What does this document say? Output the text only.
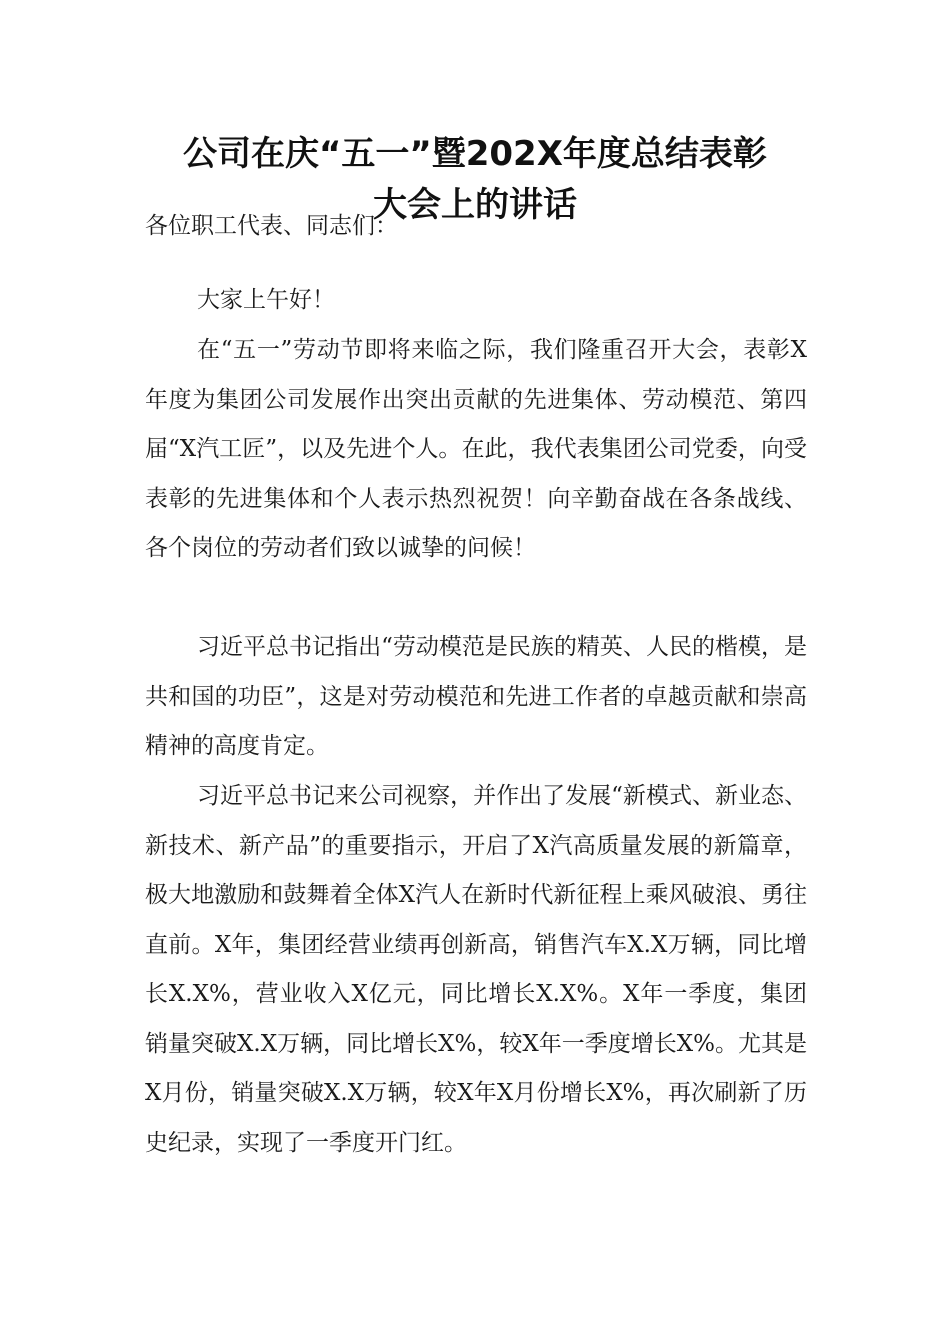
公司在庆“五一”暨202X年度总结表彰
大会上的讲话

各位职工代表、同志们：

大家上午好！

在“五一”劳动节即将来临之际，我们隆重召开大会，表彰X年度为集团公司发展作出突出贡献的先进集体、劳动模范、第四届“X汽工匠”，以及先进个人。在此，我代表集团公司党委，向受表彰的先进集体和个人表示热烈祝贺！向辛勤奋战在各条战线、各个岗位的劳动者们致以诚挚的问候！

习近平总书记指出“劳动模范是民族的精英、人民的楷模，是共和国的功臣”，这是对劳动模范和先进工作者的卓越贡献和崇高精神的高度肯定。

习近平总书记来公司视察，并作出了发展“新模式、新业态、新技术、新产品”的重要指示，开启了X汽高质量发展的新篇章，极大地激励和鼓舞着全体X汽人在新时代新征程上乘风破浪、勇往直前。X年，集团经营业绩再创新高，销售汽车X.X万辆，同比增长X.X%，营业收入X亿元，同比增长X.X%。X年一季度，集团销量突破X.X万辆，同比增长X%，较X年一季度增长X%。尤其是X月份，销量突破X.X万辆，较X年X月份增长X%，再次刷新了历史纪录，实现了一季度开门红。
